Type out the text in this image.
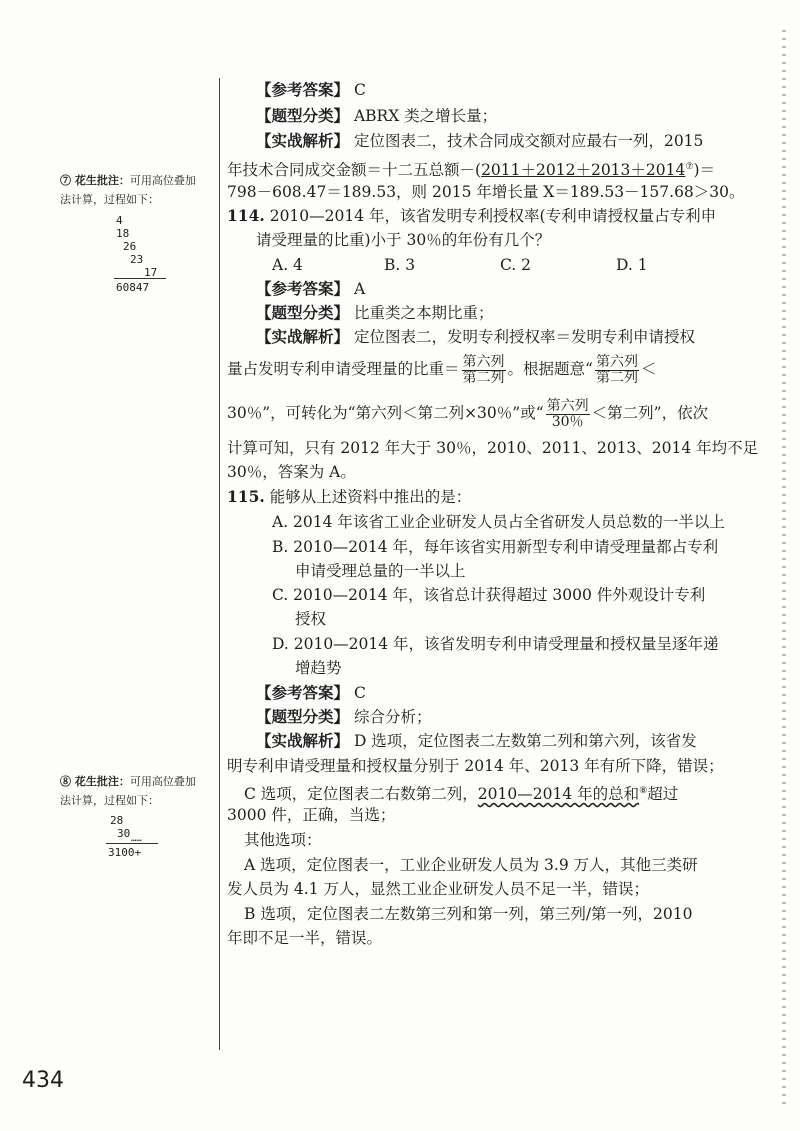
⑦ 花生批注：可用高位叠加
法计算，过程如下：
4
18
26
23
17
60847
⑧ 花生批注：可用高位叠加
法计算，过程如下：
28
30 ……
3100+
【参考答案】 C
【题型分类】 ABRX 类之增长量；
【实战解析】 定位图表二，技术合同成交额对应最右一列，2015
年技术合同成交金额＝十二五总额－(2011＋2012＋2013＋2014⑦)＝
798－608.47＝189.53，则 2015 年增长量 X＝189.53－157.68＞30。
114. 2010—2014 年，该省发明专利授权率(专利申请授权量占专利申
请受理量的比重)小于 30％的年份有几个？
A. 4	B. 3	C. 2	D. 1
【参考答案】 A
【题型分类】 比重类之本期比重；
【实战解析】 定位图表二，发明专利授权率＝发明专利申请授权
量占发明专利申请受理量的比重＝ $\frac{\text{第六列}}{\text{第二列}}$ 。根据题意“ $\frac{\text{第六列}}{\text{第二列}}$ ＜
30％”，可转化为“第六列＜第二列×30％”或“ $\frac{\text{第六列}}{30\%}$ ＜第二列”，依次
计算可知，只有 2012 年大于 30％，2010、2011、2013、2014 年均不足
30％，答案为 A。
115. 能够从上述资料中推出的是：
A. 2014 年该省工业企业研发人员占全省研发人员总数的一半以上
B. 2010—2014 年，每年该省实用新型专利申请受理量都占专利
申请受理总量的一半以上
C. 2010—2014 年，该省总计获得超过 3000 件外观设计专利
授权
D. 2010—2014 年，该省发明专利申请受理量和授权量呈逐年递
增趋势
【参考答案】 C
【题型分类】 综合分析；
【实战解析】 D 选项，定位图表二左数第二列和第六列，该省发
明专利申请受理量和授权量分别于 2014 年、2013 年有所下降，错误；
C 选项，定位图表二右数第二列，2010—2014 年的总和⑧超过
3000 件，正确，当选；
其他选项：
A 选项，定位图表一，工业企业研发人员为 3.9 万人，其他三类研
发人员为 4.1 万人，显然工业企业研发人员不足一半，错误；
B 选项，定位图表二左数第三列和第一列，第三列/第一列，2010
年即不足一半，错误。
434
